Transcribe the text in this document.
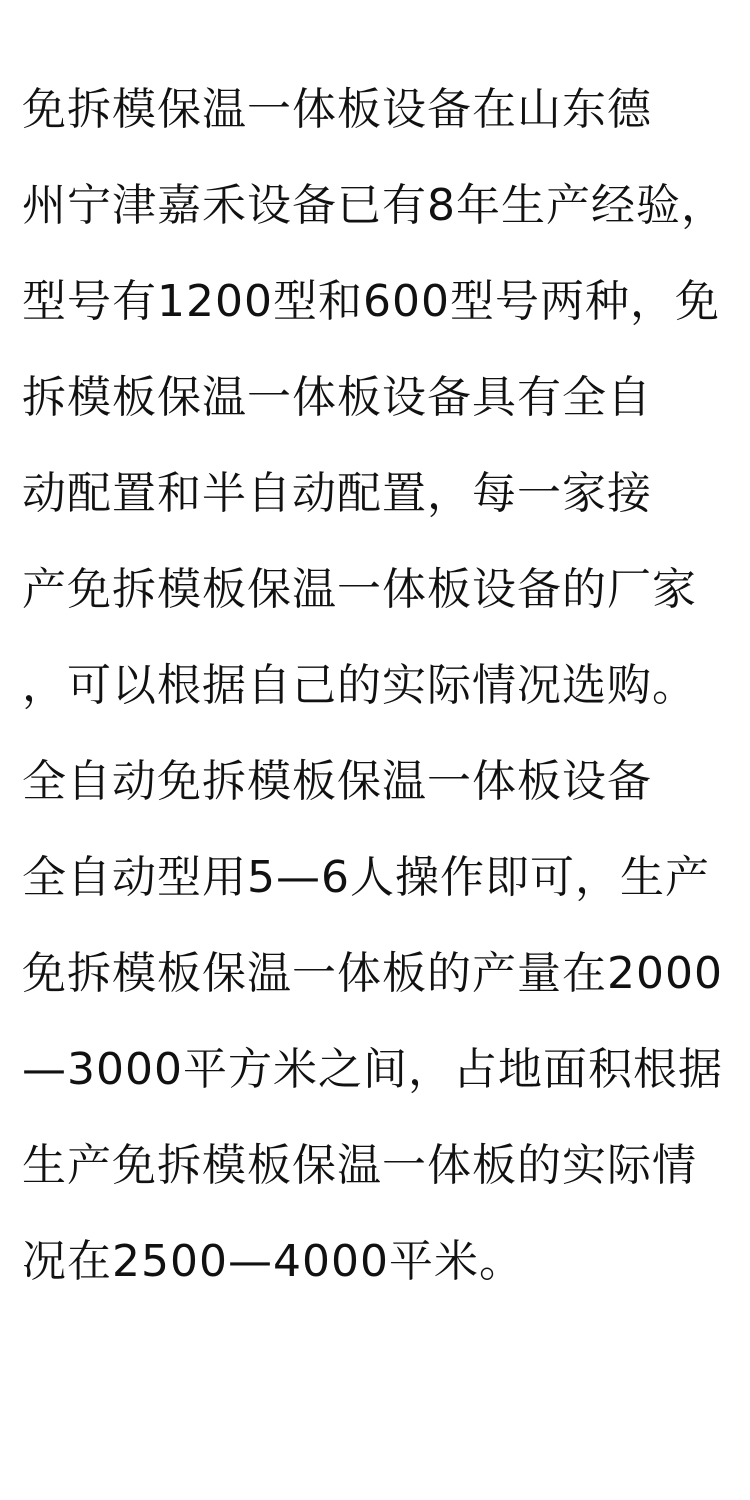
免拆模保温一体板设备在山东德
州宁津嘉禾设备已有8年生产经验，
型号有1200型和600型号两种，免
拆模板保温一体板设备具有全自
动配置和半自动配置，每一家接
产免拆模板保温一体板设备的厂家
，可以根据自己的实际情况选购。
全自动免拆模板保温一体板设备
全自动型用5—6人操作即可，生产
免拆模板保温一体板的产量在2000
—3000平方米之间，占地面积根据
生产免拆模板保温一体板的实际情
况在2500—4000平米。
